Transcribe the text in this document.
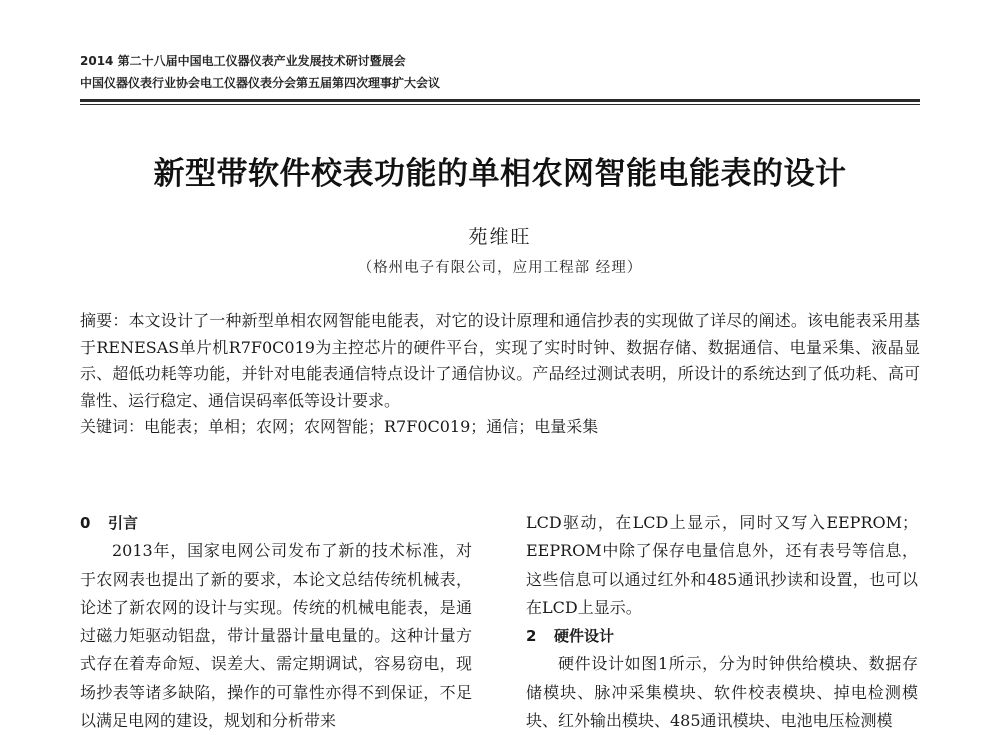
2014 第二十八届中国电工仪器仪表产业发展技术研讨暨展会
中国仪器仪表行业协会电工仪器仪表分会第五届第四次理事扩大会议
新型带软件校表功能的单相农网智能电能表的设计
苑维旺
（格州电子有限公司，应用工程部 经理）

摘要：本文设计了一种新型单相农网智能电能表，对它的设计原理和通信抄表的实现做了详尽的阐述。该电能表采用基于RENESAS单片机R7F0C019为主控芯片的硬件平台，实现了实时时钟、数据存储、数据通信、电量采集、液晶显示、超低功耗等功能，并针对电能表通信特点设计了通信协议。产品经过测试表明，所设计的系统达到了低功耗、高可靠性、运行稳定、通信误码率低等设计要求。

关键词：电能表；单相；农网；农网智能；R7F0C019；通信；电量采集

0 引言

2013年，国家电网公司发布了新的技术标准，对于农网表也提出了新的要求，本论文总结传统机械表，论述了新农网的设计与实现。传统的机械电能表，是通过磁力矩驱动铝盘，带计量器计量电量的。这种计量方式存在着寿命短、误差大、需定期调试，容易窃电，现场抄表等诸多缺陷，操作的可靠性亦得不到保证，不足以满足电网的建设，规划和分析带来

LCD驱动，在LCD上显示，同时又写入EEPROM；EEPROM中除了保存电量信息外，还有表号等信息，这些信息可以通过红外和485通讯抄读和设置，也可以在LCD上显示。

2 硬件设计

硬件设计如图1所示，分为时钟供给模块、数据存储模块、脉冲采集模块、软件校表模块、掉电检测模块、红外输出模块、485通讯模块、电池电压检测模
